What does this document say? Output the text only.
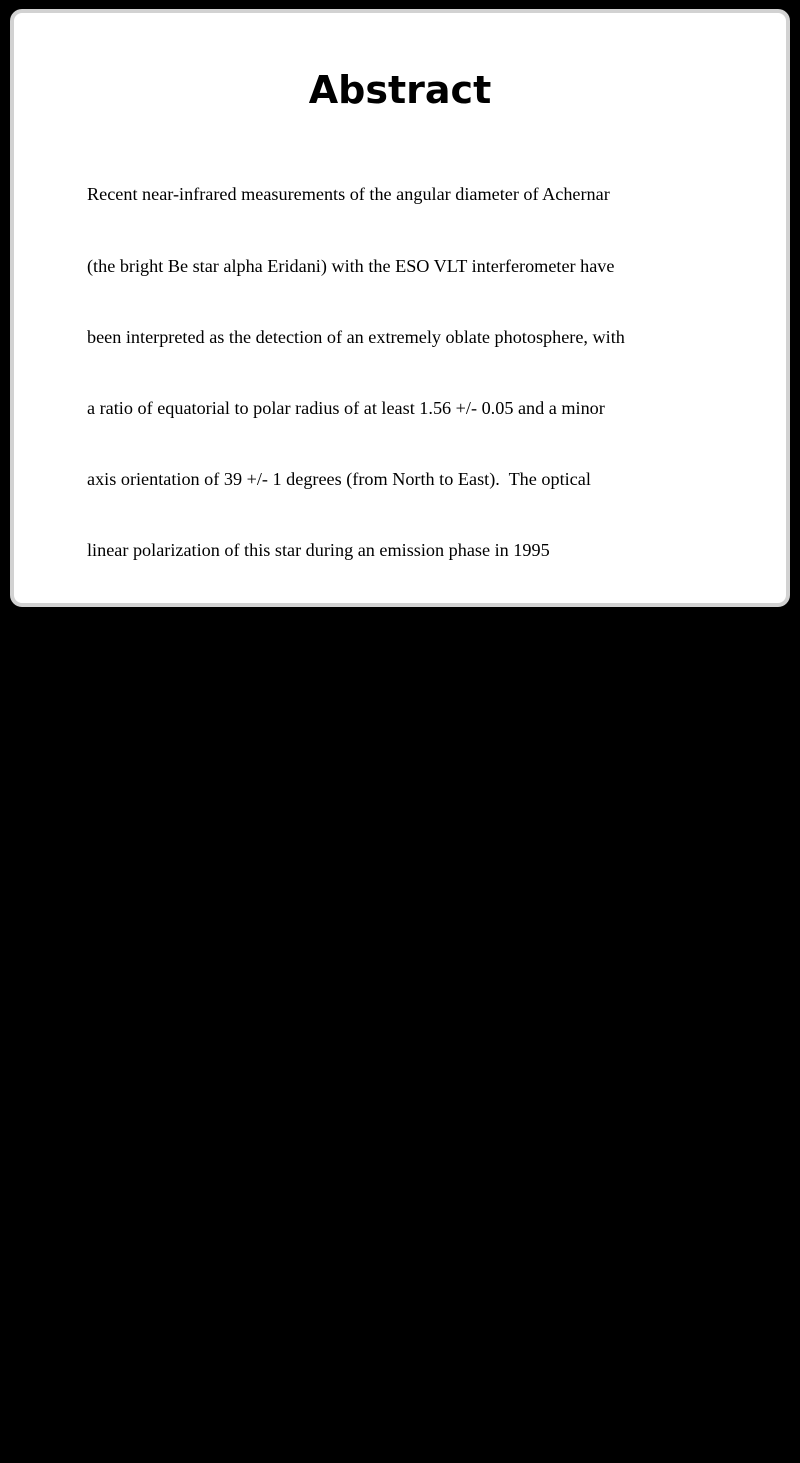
Abstract

Recent near-infrared measurements of the angular diameter of Achernar

(the bright Be star alpha Eridani) with the ESO VLT interferometer have

been interpreted as the detection of an extremely oblate photosphere, with

a ratio of equatorial to polar radius of at least 1.56 +/- 0.05 and a minor

axis orientation of 39 +/- 1 degrees (from North to East).  The optical

linear polarization of this star during an emission phase in 1995

September was 0.12 +/- 0.02% at position angle 37 +/- 8 degrees (in

equatorial coordinates), which is the direction of the projection of the

rotation axis on the plane of the sky according to the theory of

polarization by electron scattering in an equatorially flattened

circumstellar disk.  These two independent determinations of the

orientation of the rotation axis are therefore in agreement.  The

observational history of correlations between H-alpha emission and

polarization as found in the literature is that of a typical Be star, with the

exception of an interesting question raised by the contrast between

Schroder's measurement of a small negative polarization in 1969-70 and

Tinbergen's measurement of zero polarization in 1974.5, both at times

when emission was reportedly absent.
